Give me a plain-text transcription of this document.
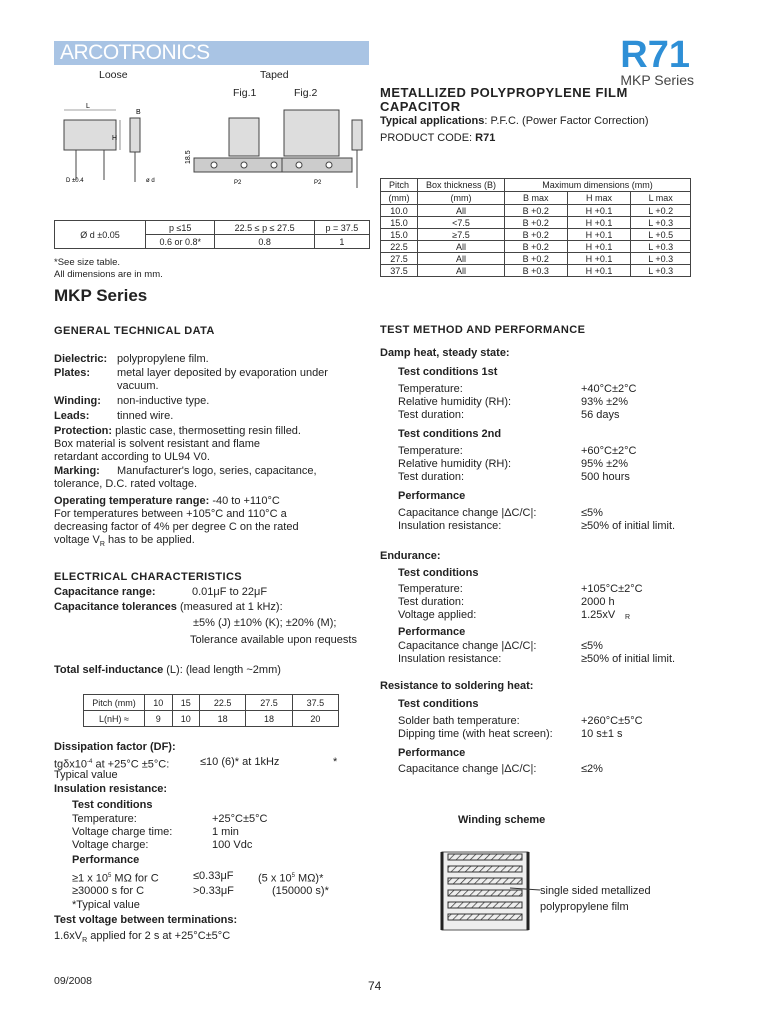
ARCOTRONICS	R71
MKP Series
Loose	Taped
Fig.1	Fig.2
L
D ±0.4
B
H
ø d
18.5
P2	P2
Ø d ±0.05	p ≤15	22.5 ≤ p ≤ 27.5	p = 37.5
	0.6 or 0.8*	0.8	1
*See size table.
All dimensions are in mm.
METALLIZED POLYPROPYLENE FILM
CAPACITOR
Typical applications: P.F.C. (Power Factor Correction)
PRODUCT CODE: R71
Pitch	Box thickness (B)	Maximum dimensions (mm)		
(mm)	(mm)	B max	H max	L max
10.0	All	B +0.2	H +0.1	L +0.2
15.0	<7.5	B +0.2	H +0.1	L +0.3
15.0	≥7.5	B +0.2	H +0.1	L +0.5
22.5	All	B +0.2	H +0.1	L +0.3
27.5	All	B +0.2	H +0.1	L +0.3
37.5	All	B +0.3	H +0.1	L +0.3
MKP Series
GENERAL TECHNICAL DATA
Dielectric: polypropylene film.
Plates: metal layer deposited by evaporation under
vacuum.
Winding: non-inductive type.
Leads:	tinned wire.
Protection: plastic case, thermosetting resin filled.
Box material is solvent resistant and flame
retardant according to UL94 V0.
Marking: Manufacturer's logo, series, capacitance,
tolerance, D.C. rated voltage.
Operating temperature range: -40 to +110°C
For temperatures between +105°C and 110°C a
decreasing factor of 4% per degree C on the rated
voltage $V_R$ has to be applied.
ELECTRICAL CHARACTERISTICS
Capacitance range:	0.01μF to 22μF
Capacitance tolerances (measured at 1 kHz):
±5% (J) ±10% (K); ±20% (M);
Tolerance available upon requests
Total self-inductance (L): (lead length ~2mm)
Pitch (mm)	10	15	22.5	27.5	37.5
L(nH) ≈	9	10	18	18	20
Dissipation factor (DF):
$tg\delta x10^{-4}$ at +25°C ±5°C:	≤10 (6)* at 1kHz	*
Typical value
Insulation resistance:
Test conditions
Temperature:	+25°C±5°C
Voltage charge time:	1 min
Voltage charge:	100 Vdc
Performance
≥1 x $10^5$ MΩ for C	≤0.33μF (5 x $10^5$ MΩ)*
≥30000 s for C	>0.33μF	(150000 s)*
*Typical value
Test voltage between terminations:
$1.6xV_R$ applied for 2 s at +25°C±5°C
TEST METHOD AND PERFORMANCE
Damp heat, steady state:
Test conditions 1st
Temperature:	+40°C±2°C
Relative humidity (RH):	93% ±2%
Test duration:	56 days
Test conditions 2nd
Temperature:	+60°C±2°C
Relative humidity (RH):	95% ±2%
Test duration:	500 hours
Performance
Capacitance change |ΔC/C|:	≤5%
Insulation resistance:	≥50% of initial limit.
Endurance:
Test conditions
Temperature:	+105°C±2°C
Test duration:	2000 h
Voltage applied:	1.25xV
Performance
Capacitance change |ΔC/C|:	≤5%
Insulation resistance:	≥50% of initial limit.
Resistance to soldering heat:
Test conditions
Solder bath temperature:	+260°C±5°C
Dipping time (with heat screen):	10 s±1 s
Performance
Capacitance change |ΔC/C|:	≤2%
Winding scheme
single sided metallized
polypropylene film
09/2008	74
R
